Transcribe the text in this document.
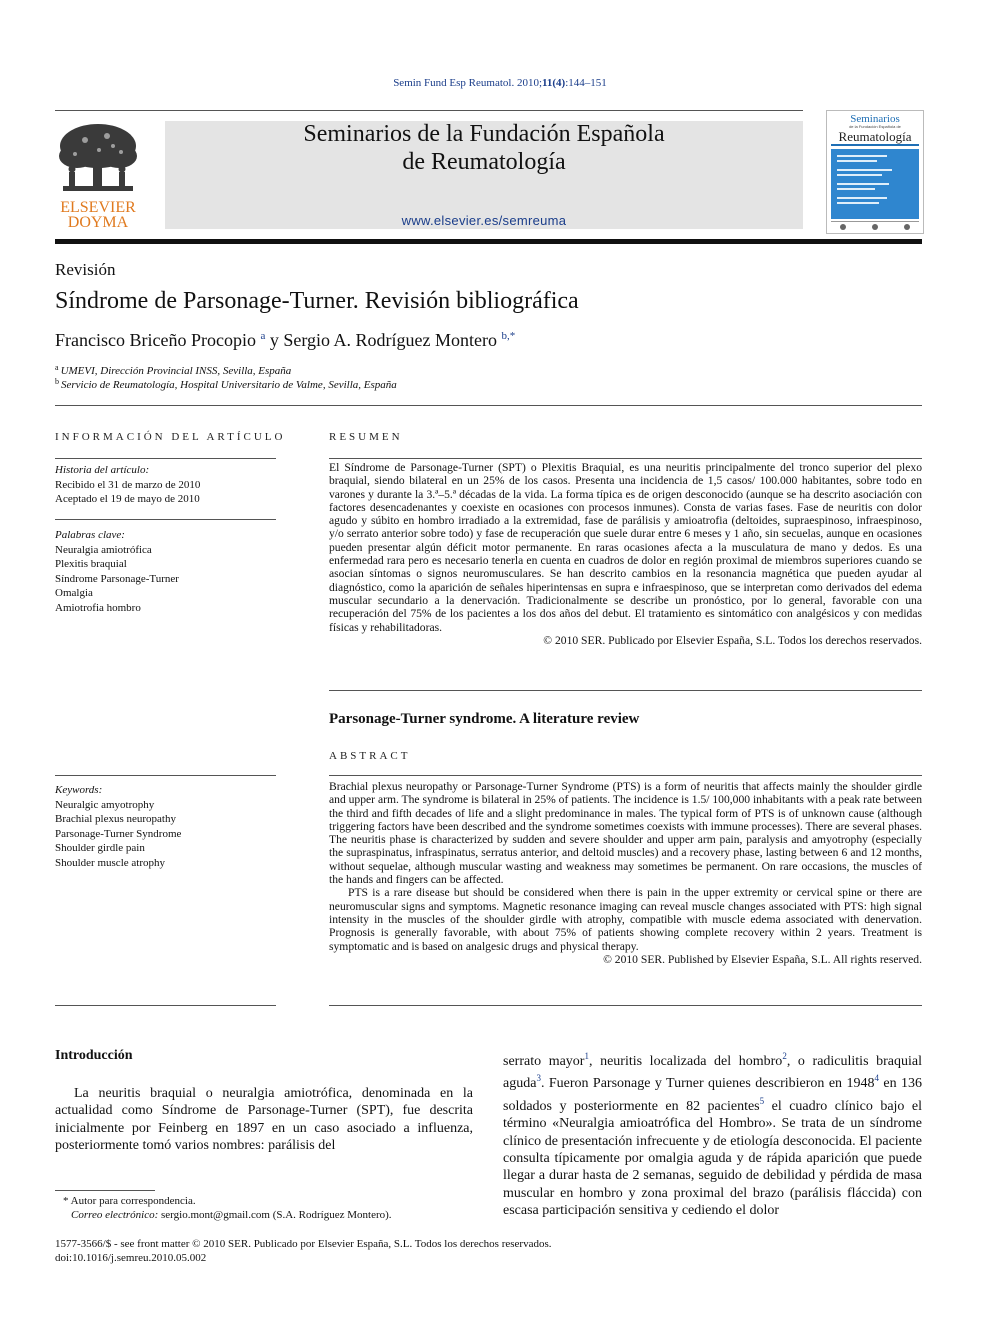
Semin Fund Esp Reumatol. 2010;11(4):144–151
ELSEVIER
DOYMA
Seminarios de la Fundación Española
de Reumatología
www.elsevier.es/semreuma
Seminarios
de la Fundación Española de
Reumatología
Revisión
Síndrome de Parsonage-Turner. Revisión bibliográfica
Francisco Briceño Procopio $^a$ y Sergio A. Rodríguez Montero $^{b,*}$
$^a$ UMEVI, Dirección Provincial INSS, Sevilla, España
$^b$ Servicio de Reumatología, Hospital Universitario de Valme, Sevilla, España
INFORMACIÓN DEL ARTÍCULO
Historia del artículo:
Recibido el 31 de marzo de 2010
Aceptado el 19 de mayo de 2010
Palabras clave:
Neuralgia amiotrófica
Plexitis braquial
Síndrome Parsonage-Turner
Omalgia
Amiotrofia hombro
Keywords:
Neuralgic amyotrophy
Brachial plexus neuropathy
Parsonage-Turner Syndrome
Shoulder girdle pain
Shoulder muscle atrophy
RESUMEN
El Síndrome de Parsonage-Turner (SPT) o Plexitis Braquial, es una neuritis principalmente del tronco superior del plexo braquial, siendo bilateral en un 25% de los casos. Presenta una incidencia de 1,5 casos/ 100.000 habitantes, sobre todo en varones y durante la 3.ª–5.ª décadas de la vida. La forma típica es de origen desconocido (aunque se ha descrito asociación con factores desencadenantes y coexiste en ocasiones con procesos inmunes). Consta de varias fases. Fase de neuritis con dolor agudo y súbito en hombro irradiado a la extremidad, fase de parálisis y amioatrofia (deltoides, supraespinoso, infraespinoso, y/o serrato anterior sobre todo) y fase de recuperación que suele durar entre 6 meses y 1 año, sin secuelas, aunque en ocasiones pueden presentar algún déficit motor permanente. En raras ocasiones afecta a la musculatura de mano y dedos. Es una enfermedad rara pero es necesario tenerla en cuenta en cuadros de dolor en región proximal de miembros superiores cuando se asocian síntomas o signos neuromusculares. Se han descrito cambios en la resonancia magnética que pueden ayudar al diagnóstico, como la aparición de señales hiperintensas en supra e infraespinoso, que se interpretan como derivados del edema muscular secundario a la denervación. Tradicionalmente se describe un pronóstico, por lo general, favorable con una recuperación del 75% de los pacientes a los dos años del debut. El tratamiento es sintomático con analgésicos y con medidas físicas y rehabilitadoras.
© 2010 SER. Publicado por Elsevier España, S.L. Todos los derechos reservados.
Parsonage-Turner syndrome. A literature review
ABSTRACT
Brachial plexus neuropathy or Parsonage-Turner Syndrome (PTS) is a form of neuritis that affects mainly the shoulder girdle and upper arm. The syndrome is bilateral in 25% of patients. The incidence is 1.5/ 100,000 inhabitants with a peak rate between the third and fifth decades of life and a slight predominance in males. The typical form of PTS is of unknown cause (although triggering factors have been described and the syndrome sometimes coexists with immune processes). There are several phases. The neuritis phase is characterized by sudden and severe shoulder and upper arm pain, paralysis and amyotrophy (especially the supraspinatus, infraspinatus, serratus anterior, and deltoid muscles) and a recovery phase, lasting between 6 and 12 months, without sequelae, although muscular wasting and weakness may sometimes be permanent. On rare occasions, the muscles of the hands and fingers can be affected.
PTS is a rare disease but should be considered when there is pain in the upper extremity or cervical spine or there are neuromuscular signs and symptoms. Magnetic resonance imaging can reveal muscle changes associated with PTS: high signal intensity in the muscles of the shoulder girdle with atrophy, compatible with muscle edema associated with denervation. Prognosis is generally favorable, with about 75% of patients showing complete recovery within 2 years. Treatment is symptomatic and is based on analgesic drugs and physical therapy.
© 2010 SER. Published by Elsevier España, S.L. All rights reserved.
Introducción
La neuritis braquial o neuralgia amiotrófica, denominada en la actualidad como Síndrome de Parsonage-Turner (SPT), fue descrita inicialmente por Feinberg en 1897 en un caso asociado a influenza, posteriormente tomó varios nombres: parálisis del
serrato mayor$^1$, neuritis localizada del hombro$^2$, o radiculitis braquial aguda$^3$. Fueron Parsonage y Turner quienes describieron en 1948$^4$ en 136 soldados y posteriormente en 82 pacientes$^5$ el cuadro clínico bajo el término «Neuralgia amioatrófica del Hombro». Se trata de un síndrome clínico de presentación infrecuente y de etiología desconocida. El paciente consulta típicamente por omalgia aguda y de rápida aparición que puede llegar a durar hasta de 2 semanas, seguido de debilidad y pérdida de masa muscular en hombro y zona proximal del brazo (parálisis fláccida) con escasa participación sensitiva y cediendo el dolor
* Autor para correspondencia.
Correo electrónico: sergio.mont@gmail.com (S.A. Rodríguez Montero).
1577-3566/$ - see front matter © 2010 SER. Publicado por Elsevier España, S.L. Todos los derechos reservados.
doi:10.1016/j.semreu.2010.05.002
